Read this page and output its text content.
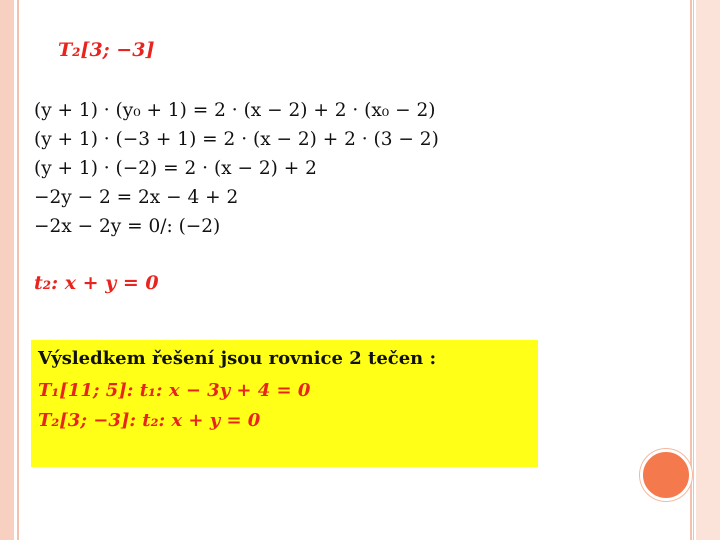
T₂[3; −3]
(y + 1) · (y₀ + 1) = 2 · (x − 2) + 2 · (x₀ − 2)
(y + 1) · (−3 + 1) = 2 · (x − 2) + 2 · (3 − 2)
(y + 1) · (−2) = 2 · (x − 2) + 2
−2y − 2 = 2x − 4 + 2
−2x − 2y = 0/: (−2)
t₂: x + y = 0
Výsledkem řešení jsou rovnice 2 tečen :
T₁[11; 5]: t₁: x − 3y + 4 = 0
T₂[3; −3]: t₂: x + y = 0
